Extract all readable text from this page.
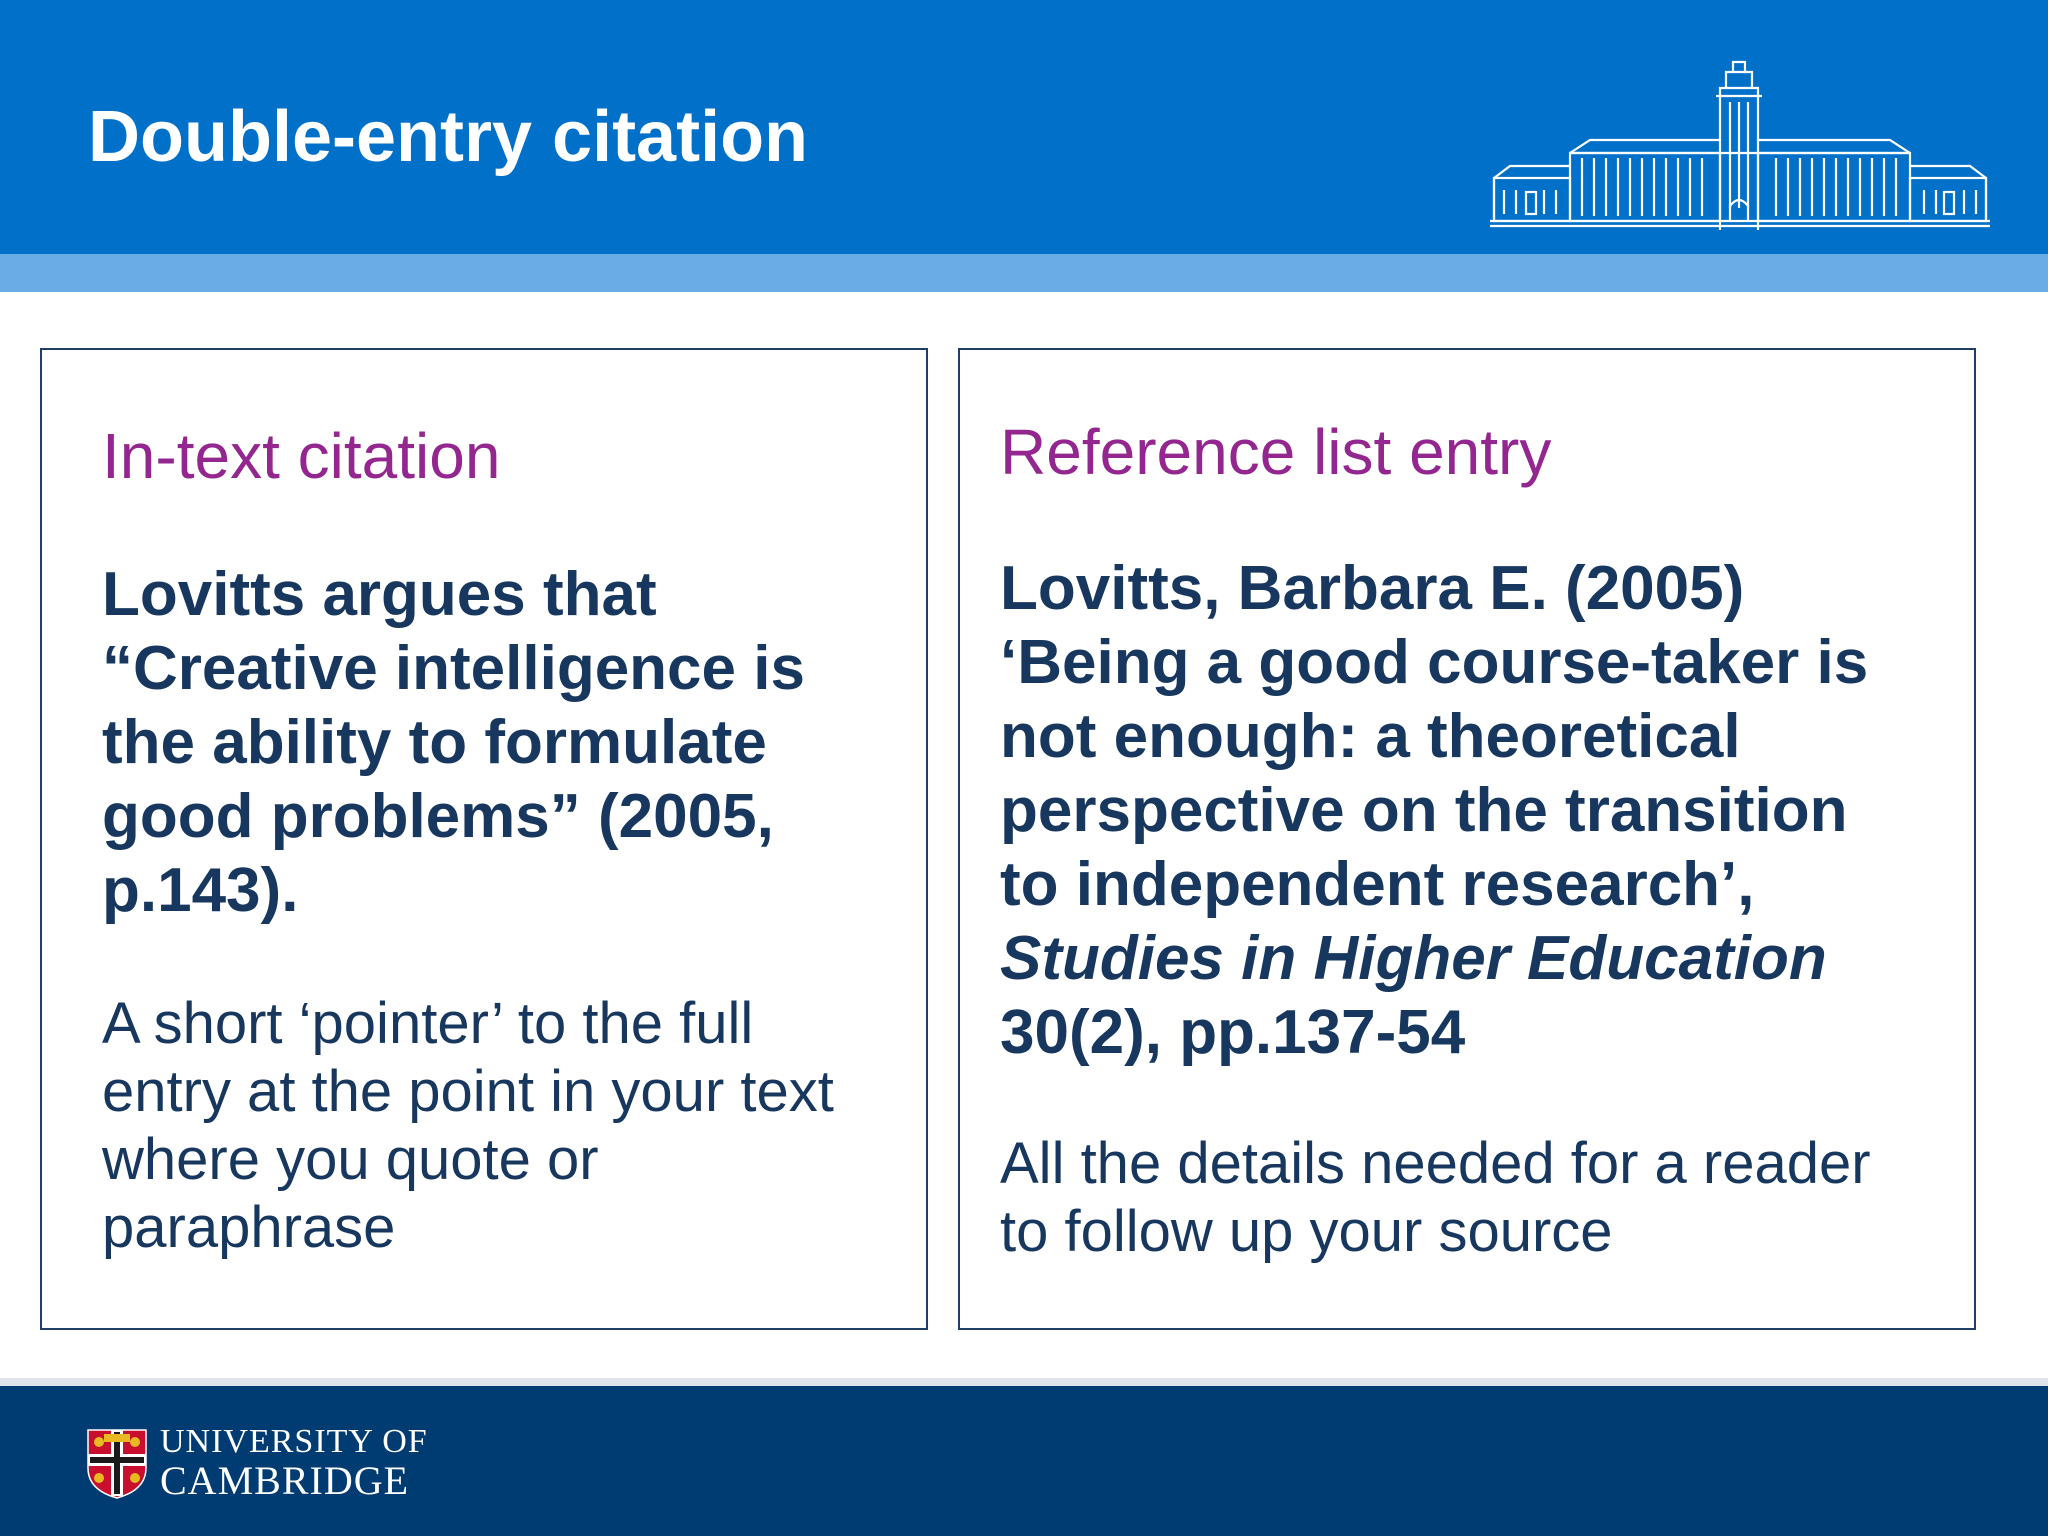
Double-entry citation
In-text citation
Lovitts argues that
“Creative intelligence is
the ability to formulate
good problems” (2005,
p.143).
A short ‘pointer’ to the full
entry at the point in your text
where you quote or
paraphrase
Reference list entry
Lovitts, Barbara E. (2005)
‘Being a good course-taker is
not enough: a theoretical
perspective on the transition
to independent research’,
Studies in Higher Education
30(2), pp.137-54
All the details needed for a reader
to follow up your source
UNIVERSITY OF
CAMBRIDGE
